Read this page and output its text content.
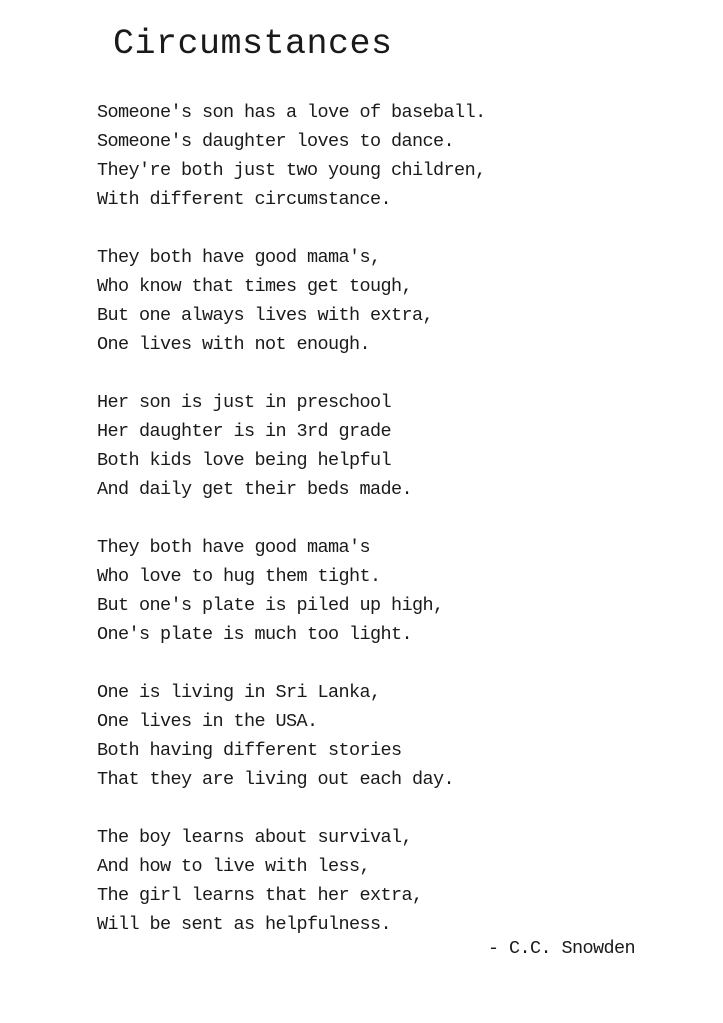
Circumstances
Someone's son has a love of baseball.
Someone's daughter loves to dance.
They're both just two young children,
With different circumstance.
They both have good mama's,
Who know that times get tough,
But one always lives with extra,
One lives with not enough.
Her son is just in preschool
Her daughter is in 3rd grade
Both kids love being helpful
And daily get their beds made.
They both have good mama's
Who love to hug them tight.
But one's plate is piled up high,
One's plate is much too light.
One is living in Sri Lanka,
One lives in the USA.
Both having different stories
That they are living out each day.
The boy learns about survival,
And how to live with less,
The girl learns that her extra,
Will be sent as helpfulness.
- C.C. Snowden
